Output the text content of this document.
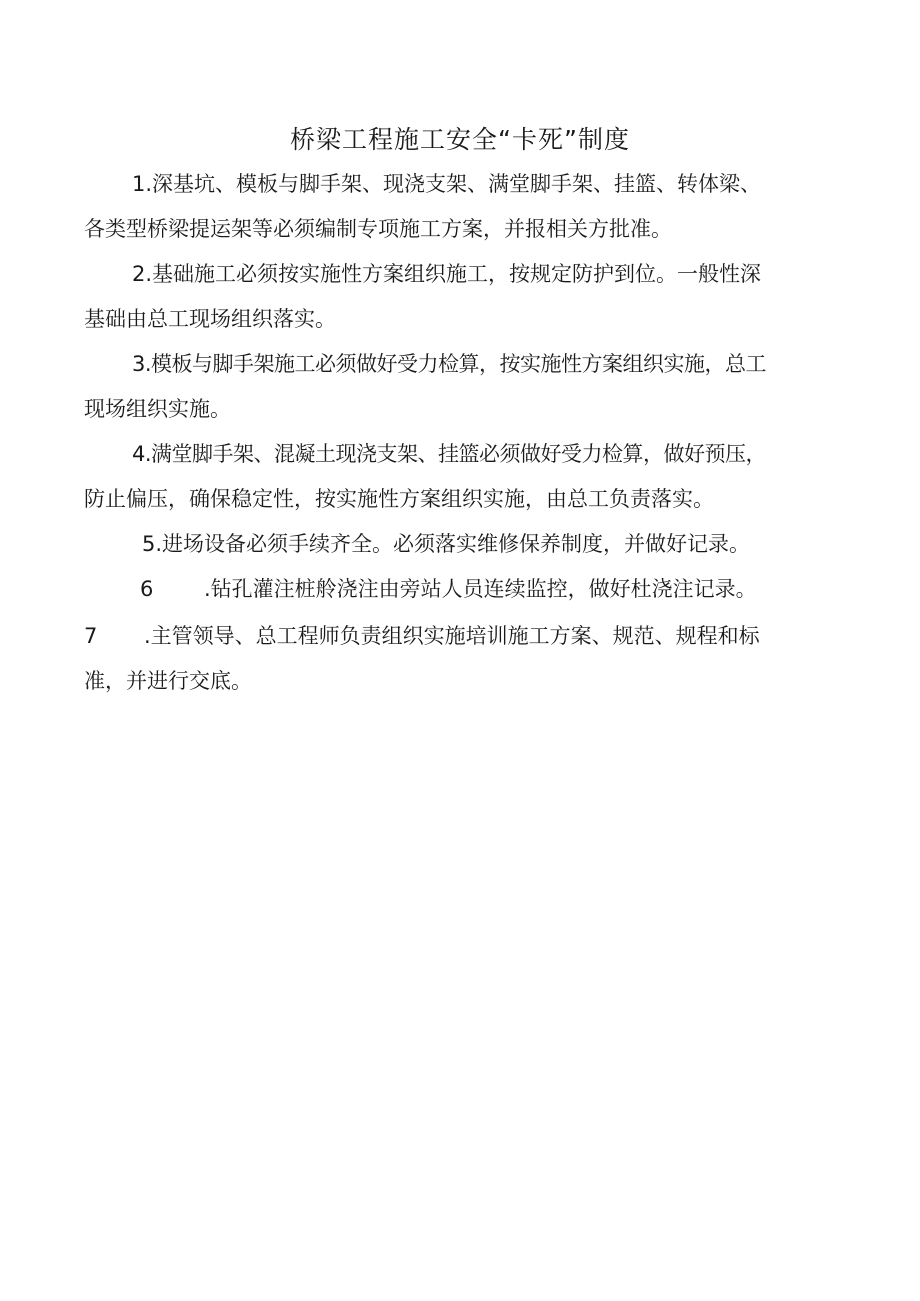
桥梁工程施工安全“卡死”制度
1.深基坑、模板与脚手架、现浇支架、满堂脚手架、挂篮、转体梁、
各类型桥梁提运架等必须编制专项施工方案，并报相关方批准。
2.基础施工必须按实施性方案组织施工，按规定防护到位。一般性深
基础由总工现场组织落实。
3.模板与脚手架施工必须做好受力检算，按实施性方案组织实施，总工
现场组织实施。
4.满堂脚手架、混凝土现浇支架、挂篮必须做好受力检算，做好预压，
防止偏压，确保稳定性，按实施性方案组织实施，由总工负责落实。
5.进场设备必须手续齐全。必须落实维修保养制度，并做好记录。
6 .钻孔灌注桩舲浇注由旁站人员连续监控，做好杜浇注记录。
7 .主管领导、总工程师负责组织实施培训施工方案、规范、规程和标
准，并进行交底。
